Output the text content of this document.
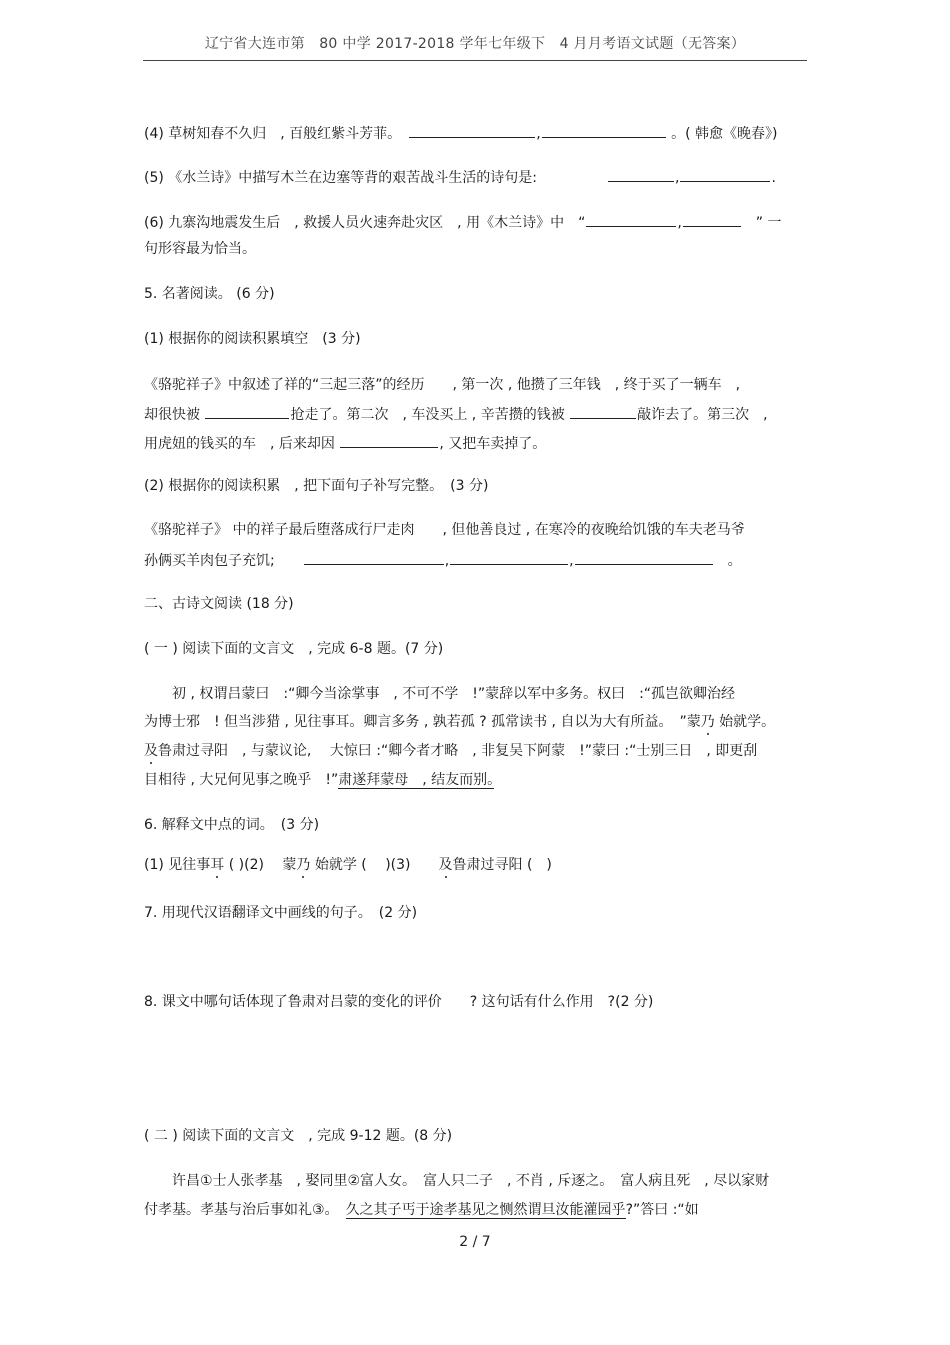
辽宁省大连市第　80 中学 2017-2018 学年七年级下　4 月月考语文试题（无答案）
(4) 草树知春不久归　, 百般红紫斗芳菲。　	,	。( 韩愈《晚春》)
(5) 《水兰诗》中描写木兰在边塞等背的艰苦战斗生活的诗句是:　　　　　	,	.
(6) 九寨沟地震发生后　, 救援人员火速奔赴灾区　, 用《木兰诗》中　“	,	　” 一
句形容最为恰当。
5. 名著阅读。 (6 分)
(1) 根据你的阅读积累填空　(3 分)
《骆驼祥子》中叙述了祥的“三起三落”的经历　　, 第一次 , 他攒了三年钱　, 终于买了一辆车　,
却很快被	抢走了。第二次　, 车没买上 , 辛苦攒的钱被	敲诈去了。第三次　,
用虎妞的钱买的车　, 后来却因	, 又把车卖掉了。
(2) 根据你的阅读积累　, 把下面句子补写完整。　(3 分)
《骆驼祥子》 中的祥子最后堕落成行尸走肉　　, 但他善良过 , 在寒冷的夜晚给饥饿的车夫老马爷
孙俩买羊肉包子充饥;　　	,	,	　。
二、古诗文阅读 (18 分)
( 一 ) 阅读下面的文言文　, 完成 6-8 题。(7 分)
　　初 , 权谓吕蒙曰　:“卿今当涂掌事　, 不可不学　!”蒙辞以军中多务。权曰　:“孤岂欲卿治经
为博士邪　! 但当涉猎 , 见往事耳。卿言多务 , 孰若孤 ? 孤常读书 , 自以为大有所益。　”蒙乃 始就学。
及鲁肃过寻阳　, 与蒙议论,　 大惊曰 :“卿今者才略　, 非复吴下阿蒙　!”蒙曰 :“士别三日　, 即更刮
目相待 , 大兄何见事之晚乎　!”肃遂拜蒙母　, 结友而别。　
6. 解释文中点的词。　(3 分)
(1) 见往事耳 ( )(2)　 蒙乃 始就学 (　 )(3)　　及鲁肃过寻阳 (　)
7. 用现代汉语翻译文中画线的句子。　(2 分)
8. 课文中哪句话体现了鲁肃对吕蒙的变化的评价　　? 这句话有什么作用　?(2 分)
( 二 ) 阅读下面的文言文　, 完成 9-12 题。(8 分)
　　许昌①士人张孝基　, 娶同里②富人女。　富人只二子　, 不肖 , 斥逐之。　富人病且死　, 尽以家财
付孝基。孝基与治后事如礼③。　久之其子丐于途孝基见之恻然谓旦汝能灌园乎?”答曰 :“如
2 / 7
